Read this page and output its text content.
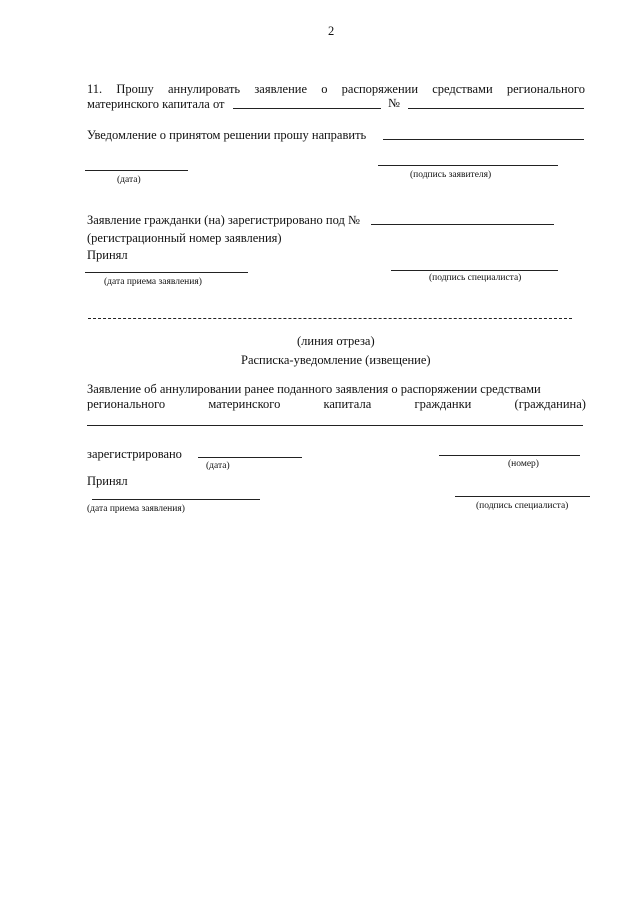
2
11. Прошу аннулировать заявление о распоряжении средствами регионального
материнского капитала от	№
Уведомление о принятом решении прошу направить
(дата)	(подпись заявителя)
Заявление гражданки (на) зарегистрировано под №
(регистрационный номер заявления)
Принял
(дата приема заявления)	(подпись специалиста)
(линия отреза)
Расписка-уведомление (извещение)
Заявление об аннулировании ранее поданного заявления о распоряжении средствами
регионального	материнского	капитала	гражданки	(гражданина)
зарегистрировано
(дата)	(номер)
Принял
(дата приема заявления)	(подпись специалиста)
